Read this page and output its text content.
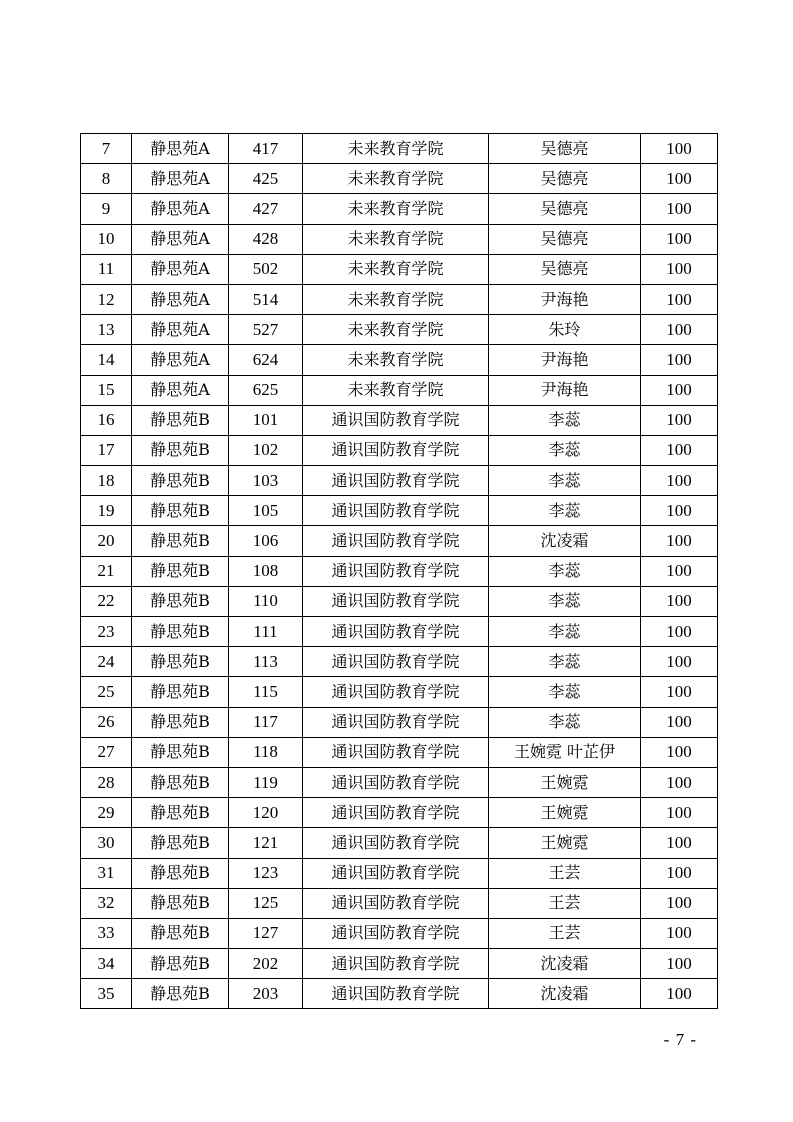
7	静思苑A	417	未来教育学院	吴德亮	100
8	静思苑A	425	未来教育学院	吴德亮	100
9	静思苑A	427	未来教育学院	吴德亮	100
10	静思苑A	428	未来教育学院	吴德亮	100
11	静思苑A	502	未来教育学院	吴德亮	100
12	静思苑A	514	未来教育学院	尹海艳	100
13	静思苑A	527	未来教育学院	朱玲	100
14	静思苑A	624	未来教育学院	尹海艳	100
15	静思苑A	625	未来教育学院	尹海艳	100
16	静思苑B	101	通识国防教育学院	李蕊	100
17	静思苑B	102	通识国防教育学院	李蕊	100
18	静思苑B	103	通识国防教育学院	李蕊	100
19	静思苑B	105	通识国防教育学院	李蕊	100
20	静思苑B	106	通识国防教育学院	沈凌霜	100
21	静思苑B	108	通识国防教育学院	李蕊	100
22	静思苑B	110	通识国防教育学院	李蕊	100
23	静思苑B	111	通识国防教育学院	李蕊	100
24	静思苑B	113	通识国防教育学院	李蕊	100
25	静思苑B	115	通识国防教育学院	李蕊	100
26	静思苑B	117	通识国防教育学院	李蕊	100
27	静思苑B	118	通识国防教育学院	王婉霓 叶芷伊	100
28	静思苑B	119	通识国防教育学院	王婉霓	100
29	静思苑B	120	通识国防教育学院	王婉霓	100
30	静思苑B	121	通识国防教育学院	王婉霓	100
31	静思苑B	123	通识国防教育学院	王芸	100
32	静思苑B	125	通识国防教育学院	王芸	100
33	静思苑B	127	通识国防教育学院	王芸	100
34	静思苑B	202	通识国防教育学院	沈凌霜	100
35	静思苑B	203	通识国防教育学院	沈凌霜	100
- 7 -
